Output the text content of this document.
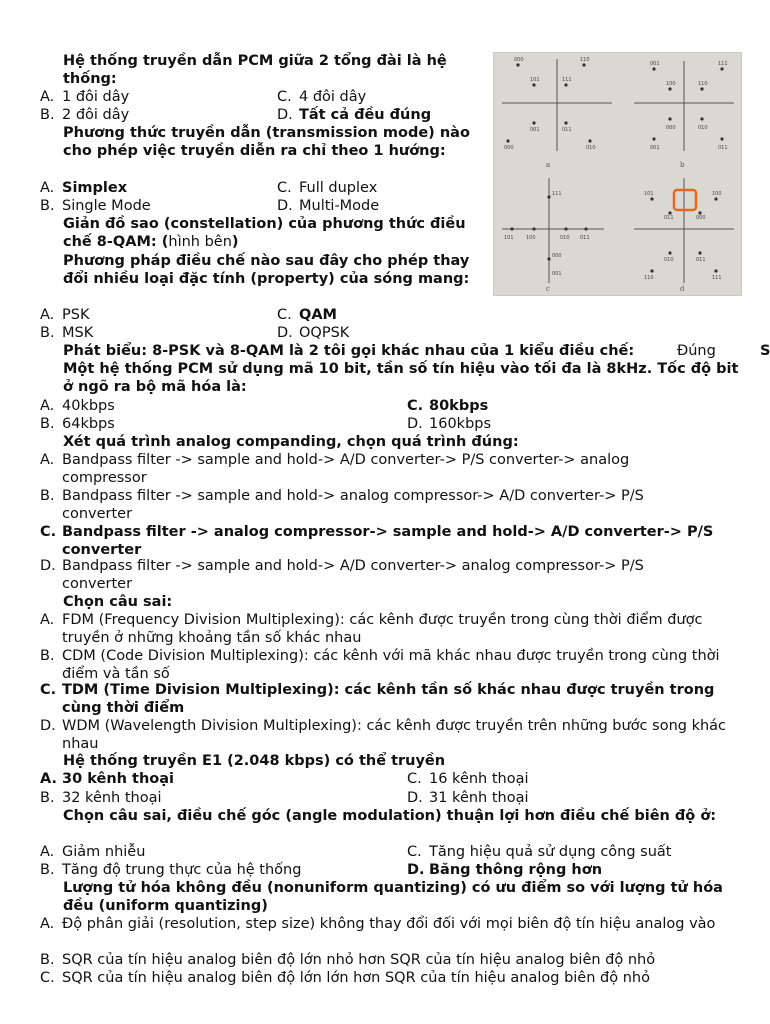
000	110
101	111
001	011
000	010
001	111
100	110
000	010
001	011
111
000
101 100	010 011
001
101	100
011	000
010	011
110	111
a	b
c	d
Hệ thống truyền dẫn PCM giữa 2 tổng đài là hệ thống:
A. 1 đôi dây	C. 4 đôi dây
B. 2 đôi dây	D. Tất cả đều đúng
Phương thức truyền dẫn (transmission mode) nào cho phép việc truyền diễn ra chỉ theo 1 hướng:
A. Simplex	C. Full duplex
B. Single Mode	D. Multi-Mode
Giản đồ sao (constellation) của phương thức điều chế 8-QAM: (hình bên)
Phương pháp điều chế nào sau đây cho phép thay đổi nhiều loại đặc tính (property) của sóng mang:
A. PSK	C. QAM
B. MSK	D. OQPSK
Phát biểu: 8-PSK và 8-QAM là 2 tôi gọi khác nhau của 1 kiểu điều chế:	Đúng	S
Một hệ thống PCM sử dụng mã 10 bit, tần số tín hiệu vào tối đa là 8kHz. Tốc độ bit ở ngõ ra bộ mã hóa là:
A. 40kbps	C. 80kbps
B. 64kbps	D. 160kbps
Xét quá trình analog companding, chọn quá trình đúng:
A. Bandpass filter -> sample and hold-> A/D converter-> P/S converter-> analog compressor
B. Bandpass filter -> sample and hold-> analog compressor-> A/D converter-> P/S converter
C. Bandpass filter -> analog compressor-> sample and hold-> A/D converter-> P/S converter
D. Bandpass filter -> sample and hold-> A/D converter-> analog compressor-> P/S converter
Chọn câu sai:
A. FDM (Frequency Division Multiplexing): các kênh được truyền trong cùng thời điểm được truyền ở những khoảng tần số khác nhau
B. CDM (Code Division Multiplexing): các kênh với mã khác nhau được truyền trong cùng thời điểm và tần số
C. TDM (Time Division Multiplexing): các kênh tần số khác nhau được truyền trong cùng thời điểm
D. WDM (Wavelength Division Multiplexing): các kênh được truyền trên những bước song khác nhau
Hệ thống truyền E1 (2.048 kbps) có thể truyền
A. 30 kênh thoại	C. 16 kênh thoại
B. 32 kênh thoại	D. 31 kênh thoại
Chọn câu sai, điều chế góc (angle modulation) thuận lợi hơn điều chế biên độ ở:
A. Giảm nhiễu	C. Tăng hiệu quả sử dụng công suất
B. Tăng độ trung thực của hệ thống	D. Băng thông rộng hơn
Lượng tử hóa không đều (nonuniform quantizing) có ưu điểm so với lượng tử hóa đều (uniform quantizing)
A. Độ phân giải (resolution, step size) không thay đổi đối với mọi biên độ tín hiệu analog vào
B. SQR của tín hiệu analog biên độ lớn nhỏ hơn SQR của tín hiệu analog biên độ nhỏ
C. SQR của tín hiệu analog biên độ lớn lớn hơn SQR của tín hiệu analog biên độ nhỏ
